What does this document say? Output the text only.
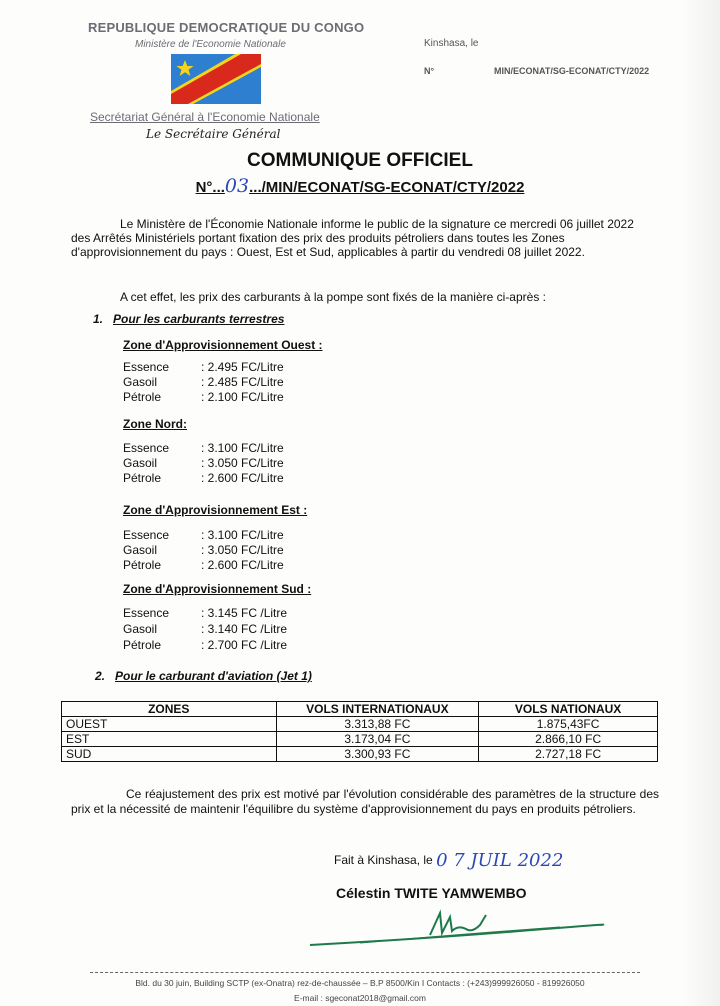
REPUBLIQUE DEMOCRATIQUE DU CONGO
Ministère de l'Economie Nationale
Secrétariat Général à l'Economie Nationale
Le Secrétaire Général
Kinshasa, le
N°	MIN/ECONAT/SG-ECONAT/CTY/2022
COMMUNIQUE OFFICIEL
N°...03.../MIN/ECONAT/SG-ECONAT/CTY/2022
Le Ministère de l'Économie Nationale informe le public de la signature ce mercredi 06 juillet 2022 des Arrêtés Ministériels portant fixation des prix des produits pétroliers dans toutes les Zones d'approvisionnement du pays : Ouest, Est et Sud, applicables à partir du vendredi 08 juillet 2022.
A cet effet, les prix des carburants à la pompe sont fixés de la manière ci-après :
1. Pour les carburants terrestres
Zone d'Approvisionnement Ouest :
Essence	: 2.495 FC/Litre
Gasoil	: 2.485 FC/Litre
Pétrole	: 2.100 FC/Litre
Zone Nord:
Essence	: 3.100 FC/Litre
Gasoil	: 3.050 FC/Litre
Pétrole	: 2.600 FC/Litre
Zone d'Approvisionnement Est :
Essence	: 3.100 FC/Litre
Gasoil	: 3.050 FC/Litre
Pétrole	: 2.600 FC/Litre
Zone d'Approvisionnement Sud :
Essence	: 3.145 FC /Litre
Gasoil	: 3.140 FC /Litre
Pétrole	: 2.700 FC /Litre
2. Pour le carburant d'aviation (Jet 1)
ZONES	VOLS INTERNATIONAUX	VOLS NATIONAUX
OUEST	3.313,88 FC	1.875,43FC
EST	3.173,04 FC	2.866,10 FC
SUD	3.300,93 FC	2.727,18 FC
Ce réajustement des prix est motivé par l'évolution considérable des paramètres de la structure des prix et la nécessité de maintenir l'équilibre du système d'approvisionnement du pays en produits pétroliers.
Fait à Kinshasa, le 0 7 JUIL 2022
Célestin TWITE YAMWEMBO
Bld. du 30 juin, Building SCTP (ex-Onatra) rez-de-chaussée – B.P 8500/Kin I Contacts : (+243)999926050 - 819926050
E-mail : sgeconat2018@gmail.com
